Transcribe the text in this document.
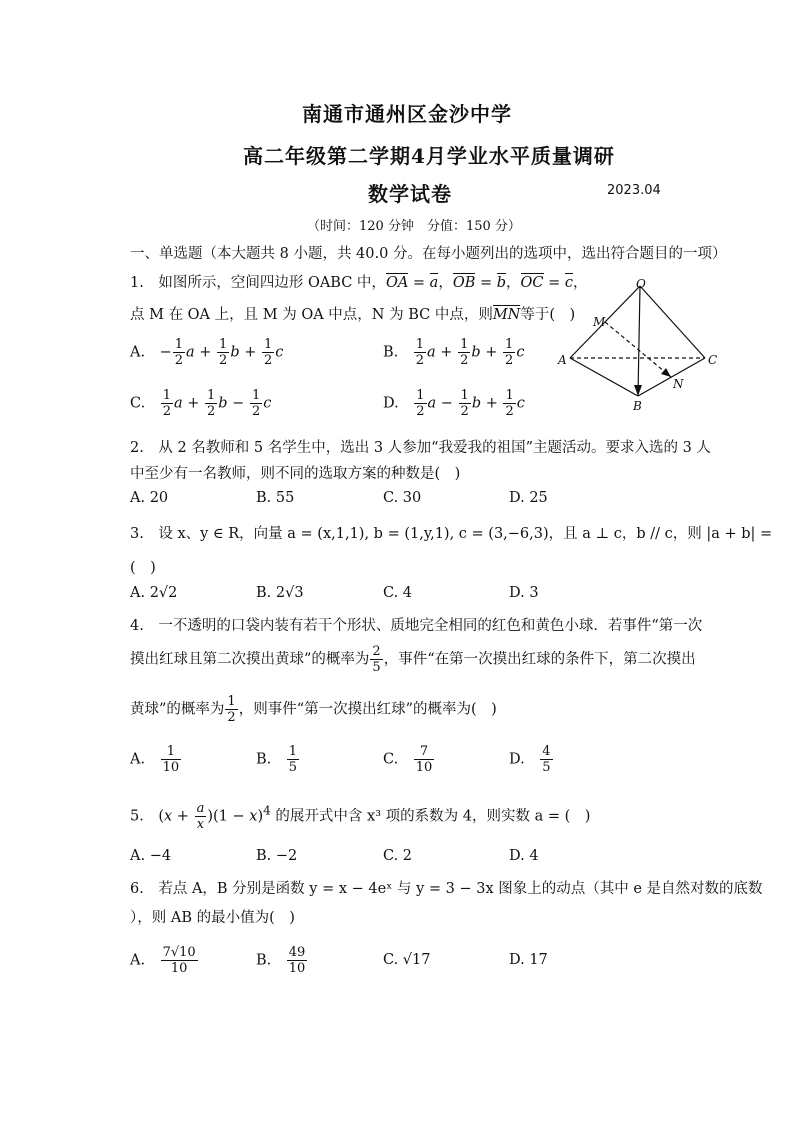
南通市通州区金沙中学
高二年级第二学期4月学业水平质量调研
数学试卷	2023.04
（时间：120 分钟　分值：150 分）
一、单选题（本大题共 8 小题，共 40.0 分。在每小题列出的选项中，选出符合题目的一项）
1.　如图所示，空间四边形 OABC 中，OA = a，OB = b，OC = c，
点 M 在 OA 上，且 M 为 OA 中点，N 为 BC 中点，则MN等于(　)
A.　− $\frac{1}{2}$ $a + \frac{1}{2}$ $b + \frac{1}{2}$ c	B.　 $\frac{1}{2}$ $a + \frac{1}{2}$ $b + \frac{1}{2}$ c
C.　 $\frac{1}{2}$ $a + \frac{1}{2}$ $b - \frac{1}{2}$ c	D.　 $\frac{1}{2}$ $a - \frac{1}{2}$ $b + \frac{1}{2}$ c
O
M
A
B
C
N
2.　从 2 名教师和 5 名学生中，选出 3 人参加“我爱我的祖国”主题活动。要求入选的 3 人
中至少有一名教师，则不同的选取方案的种数是(　)
A. 20	B. 55	C. 30	D. 25
3.　设 x、y ∈ R，向量 a = (x,1,1), b = (1,y,1), c = (3,−6,3)，且 a ⊥ c，b // c，则 |a + b| =
(　)
A. 2√2	B. 2√3	C. 4	D. 3
4.　一不透明的口袋内装有若干个形状、质地完全相同的红色和黄色小球．若事件“第一次
摸出红球且第二次摸出黄球”的概率为 $\frac{2}{5}$ ，事件“在第一次摸出红球的条件下，第二次摸出
黄球”的概率为 $\frac{1}{2}$ ，则事件“第一次摸出红球”的概率为(　)
A.　 $\frac{1}{10}$	B.　 $\frac{1}{5}$	C.　 $\frac{7}{10}$	D.　 $\frac{4}{5}$
5.　$(x + \frac{a}{x} )(1 - x)^4$ 的展开式中含 x³ 项的系数为 4，则实数 a = (　)
A. −4	B. −2	C. 2	D. 4
6.　若点 A，B 分别是函数 y = x − 4eˣ 与 y = 3 − 3x 图象上的动点（其中 e 是自然对数的底数
），则 AB 的最小值为(　)
A.　 $\frac{7√10}{10}$	B.　 $\frac{49}{10}$	C. √17	D. 17
